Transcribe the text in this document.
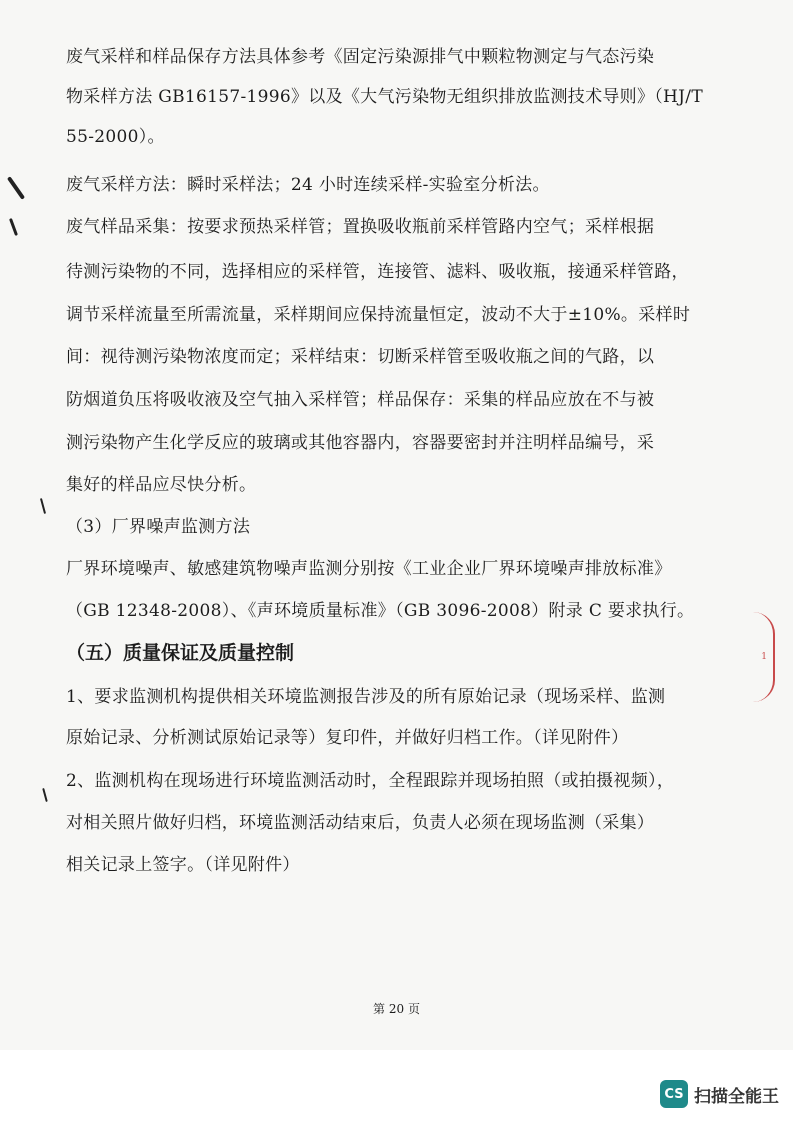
废气采样和样品保存方法具体参考《固定污染源排气中颗粒物测定与气态污染
物采样方法 GB16157-1996》以及《大气污染物无组织排放监测技术导则》（HJ/T
55-2000）。
废气采样方法：瞬时采样法；24 小时连续采样-实验室分析法。
废气样品采集：按要求预热采样管；置换吸收瓶前采样管路内空气；采样根据
待测污染物的不同，选择相应的采样管，连接管、滤料、吸收瓶，接通采样管路，
调节采样流量至所需流量，采样期间应保持流量恒定，波动不大于±10%。采样时
间：视待测污染物浓度而定；采样结束：切断采样管至吸收瓶之间的气路，以
防烟道负压将吸收液及空气抽入采样管；样品保存：采集的样品应放在不与被
测污染物产生化学反应的玻璃或其他容器内，容器要密封并注明样品编号，采
集好的样品应尽快分析。
（3）厂界噪声监测方法
厂界环境噪声、敏感建筑物噪声监测分别按《工业企业厂界环境噪声排放标准》
（GB 12348-2008）、《声环境质量标准》（GB 3096-2008）附录 C 要求执行。
（五）质量保证及质量控制
1、要求监测机构提供相关环境监测报告涉及的所有原始记录（现场采样、监测
原始记录、分析测试原始记录等）复印件，并做好归档工作。（详见附件）
2、监测机构在现场进行环境监测活动时，全程跟踪并现场拍照（或拍摄视频），
对相关照片做好归档，环境监测活动结束后，负责人必须在现场监测（采集）
相关记录上签字。（详见附件）
第 20 页
1
CS 扫描全能王
